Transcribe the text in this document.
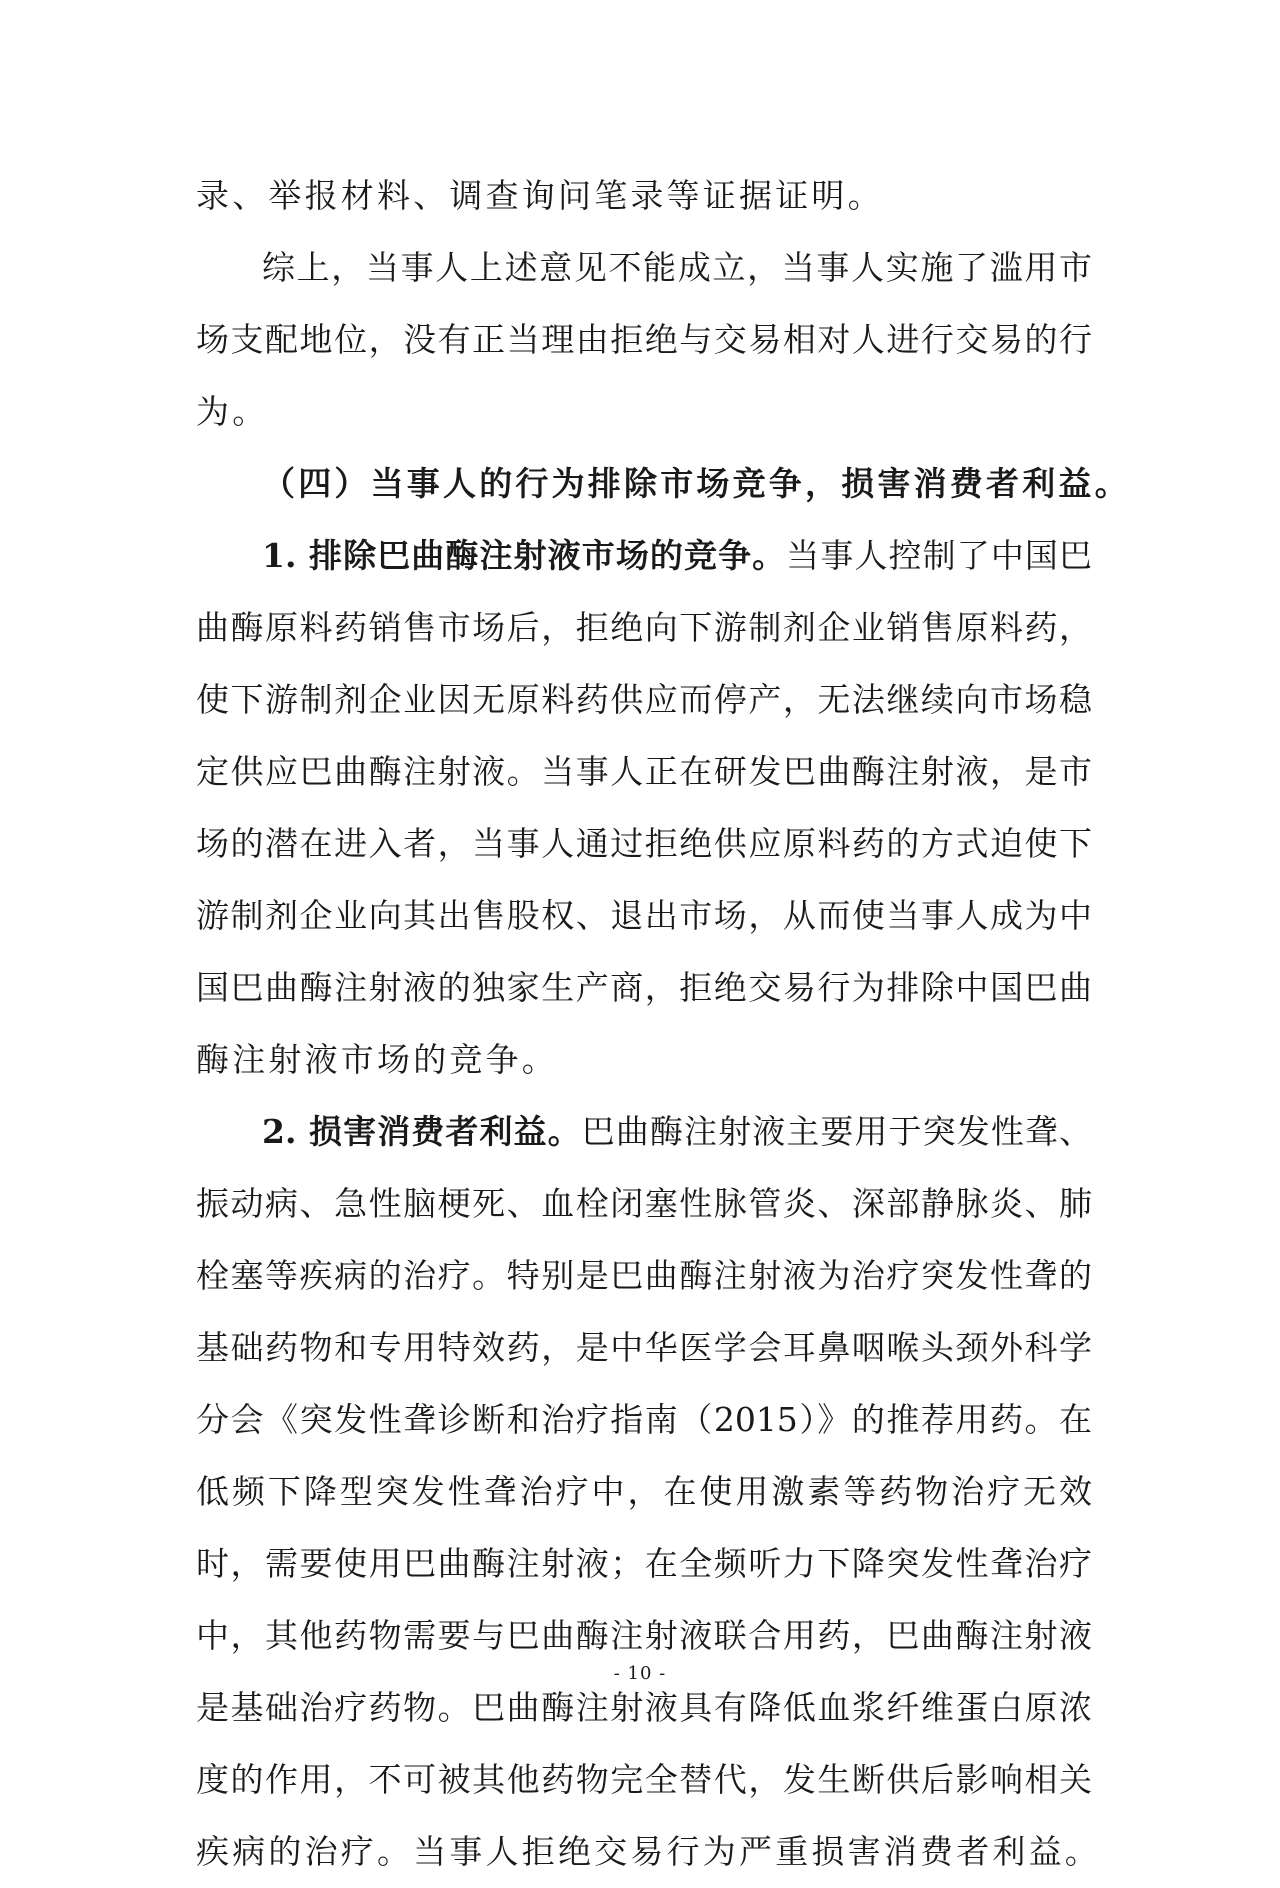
录、举报材料、调查询问笔录等证据证明。
综上，当事人上述意见不能成立，当事人实施了滥用市
场支配地位，没有正当理由拒绝与交易相对人进行交易的行
为。
（四）当事人的行为排除市场竞争，损害消费者利益。
1. 排除巴曲酶注射液市场的竞争。当事人控制了中国巴
曲酶原料药销售市场后，拒绝向下游制剂企业销售原料药，
使下游制剂企业因无原料药供应而停产，无法继续向市场稳
定供应巴曲酶注射液。当事人正在研发巴曲酶注射液，是市
场的潜在进入者，当事人通过拒绝供应原料药的方式迫使下
游制剂企业向其出售股权、退出市场，从而使当事人成为中
国巴曲酶注射液的独家生产商，拒绝交易行为排除中国巴曲
酶注射液市场的竞争。
2. 损害消费者利益。巴曲酶注射液主要用于突发性聋、
振动病、急性脑梗死、血栓闭塞性脉管炎、深部静脉炎、肺
栓塞等疾病的治疗。特别是巴曲酶注射液为治疗突发性聋的
基础药物和专用特效药，是中华医学会耳鼻咽喉头颈外科学
分会《突发性聋诊断和治疗指南（2015）》的推荐用药。在
低频下降型突发性聋治疗中，在使用激素等药物治疗无效
时，需要使用巴曲酶注射液；在全频听力下降突发性聋治疗
中，其他药物需要与巴曲酶注射液联合用药，巴曲酶注射液
是基础治疗药物。巴曲酶注射液具有降低血浆纤维蛋白原浓
度的作用，不可被其他药物完全替代，发生断供后影响相关
疾病的治疗。当事人拒绝交易行为严重损害消费者利益。
- 10 -
